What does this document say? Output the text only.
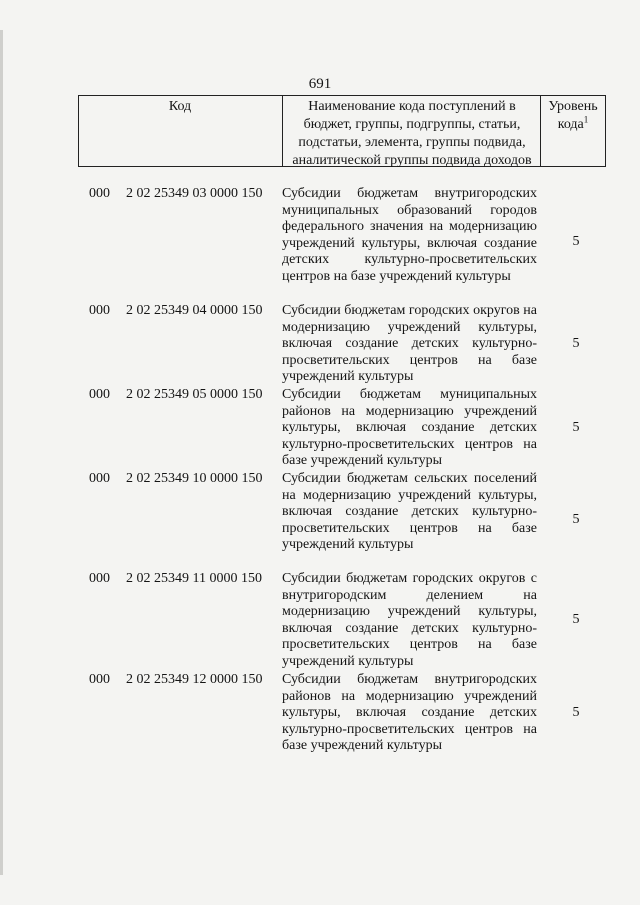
691
Код	Наименование кода поступлений в бюджет, группы, подгруппы, статьи, подстатьи, элемента, группы подвида, аналитической группы подвида доходов
Уровень кода$^1$
000 2 02 25349 03 0000 150 Субсидии бюджетам внутригородских муниципальных образований городов федерального значения на модернизацию учреждений культуры, включая создание детских культурно-просветительских центров на базе учреждений культуры
5
000 2 02 25349 04 0000 150 Субсидии бюджетам городских округов на модернизацию учреждений культуры, включая создание детских культурно-просветительских центров на базе учреждений культуры
5
000 2 02 25349 05 0000 150 Субсидии бюджетам муниципальных районов на модернизацию учреждений культуры, включая создание детских культурно-просветительских центров на базе учреждений культуры
5
000 2 02 25349 10 0000 150 Субсидии бюджетам сельских поселений на модернизацию учреждений культуры, включая создание детских культурно-просветительских центров на базе учреждений культуры
5
000 2 02 25349 11 0000 150 Субсидии бюджетам городских округов с внутригородским делением на модернизацию учреждений культуры, включая создание детских культурно-просветительских центров на базе учреждений культуры
5
000 2 02 25349 12 0000 150 Субсидии бюджетам внутригородских районов на модернизацию учреждений культуры, включая создание детских культурно-просветительских центров на базе учреждений культуры
5
